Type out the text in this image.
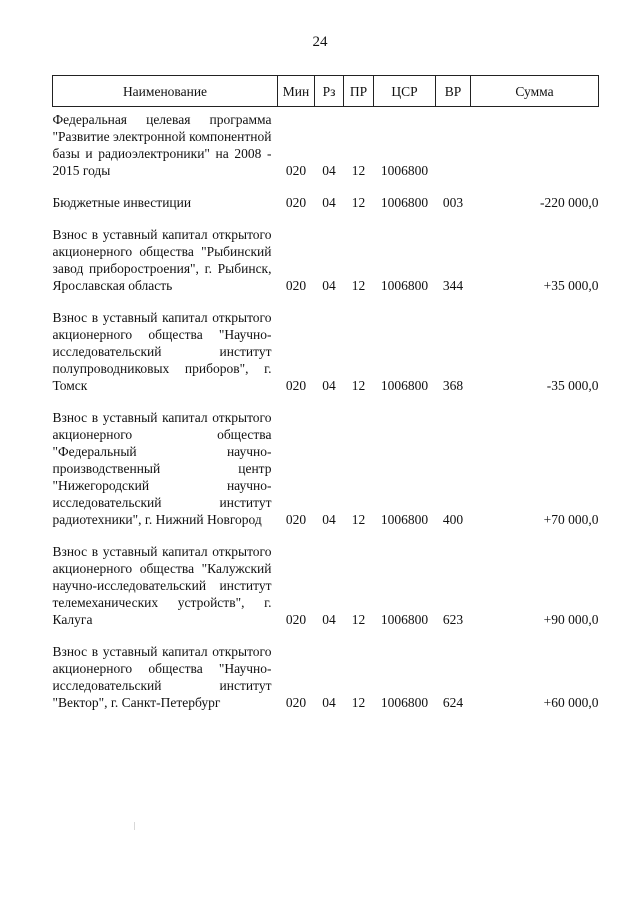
24
Наименование	Мин	Рз	ПР	ЦСР	ВР	Сумма
Федеральная целевая программа "Развитие электронной компонентной базы и радиоэлектроники" на 2008 - 2015 годы	020	04	12	1006800		
Бюджетные инвестиции	020	04	12	1006800	003	-220 000,0
Взнос в уставный капитал открытого акционерного общества "Рыбинский завод приборостроения", г. Рыбинск, Ярославская область	020	04	12	1006800	344	+35 000,0
Взнос в уставный капитал открытого акционерного общества "Научно-исследовательский институт полупроводниковых приборов", г. Томск	020	04	12	1006800	368	-35 000,0
Взнос в уставный капитал открытого акционерного общества "Федеральный научно-производственный центр "Нижегородский научно-исследовательский институт радиотехники", г. Нижний Новгород	020	04	12	1006800	400	+70 000,0
Взнос в уставный капитал открытого акционерного общества "Калужский научно-исследовательский институт телемеханических устройств", г. Калуга	020	04	12	1006800	623	+90 000,0
Взнос в уставный капитал открытого акционерного общества "Научно-исследовательский институт "Вектор", г. Санкт-Петербург	020	04	12	1006800	624	+60 000,0
